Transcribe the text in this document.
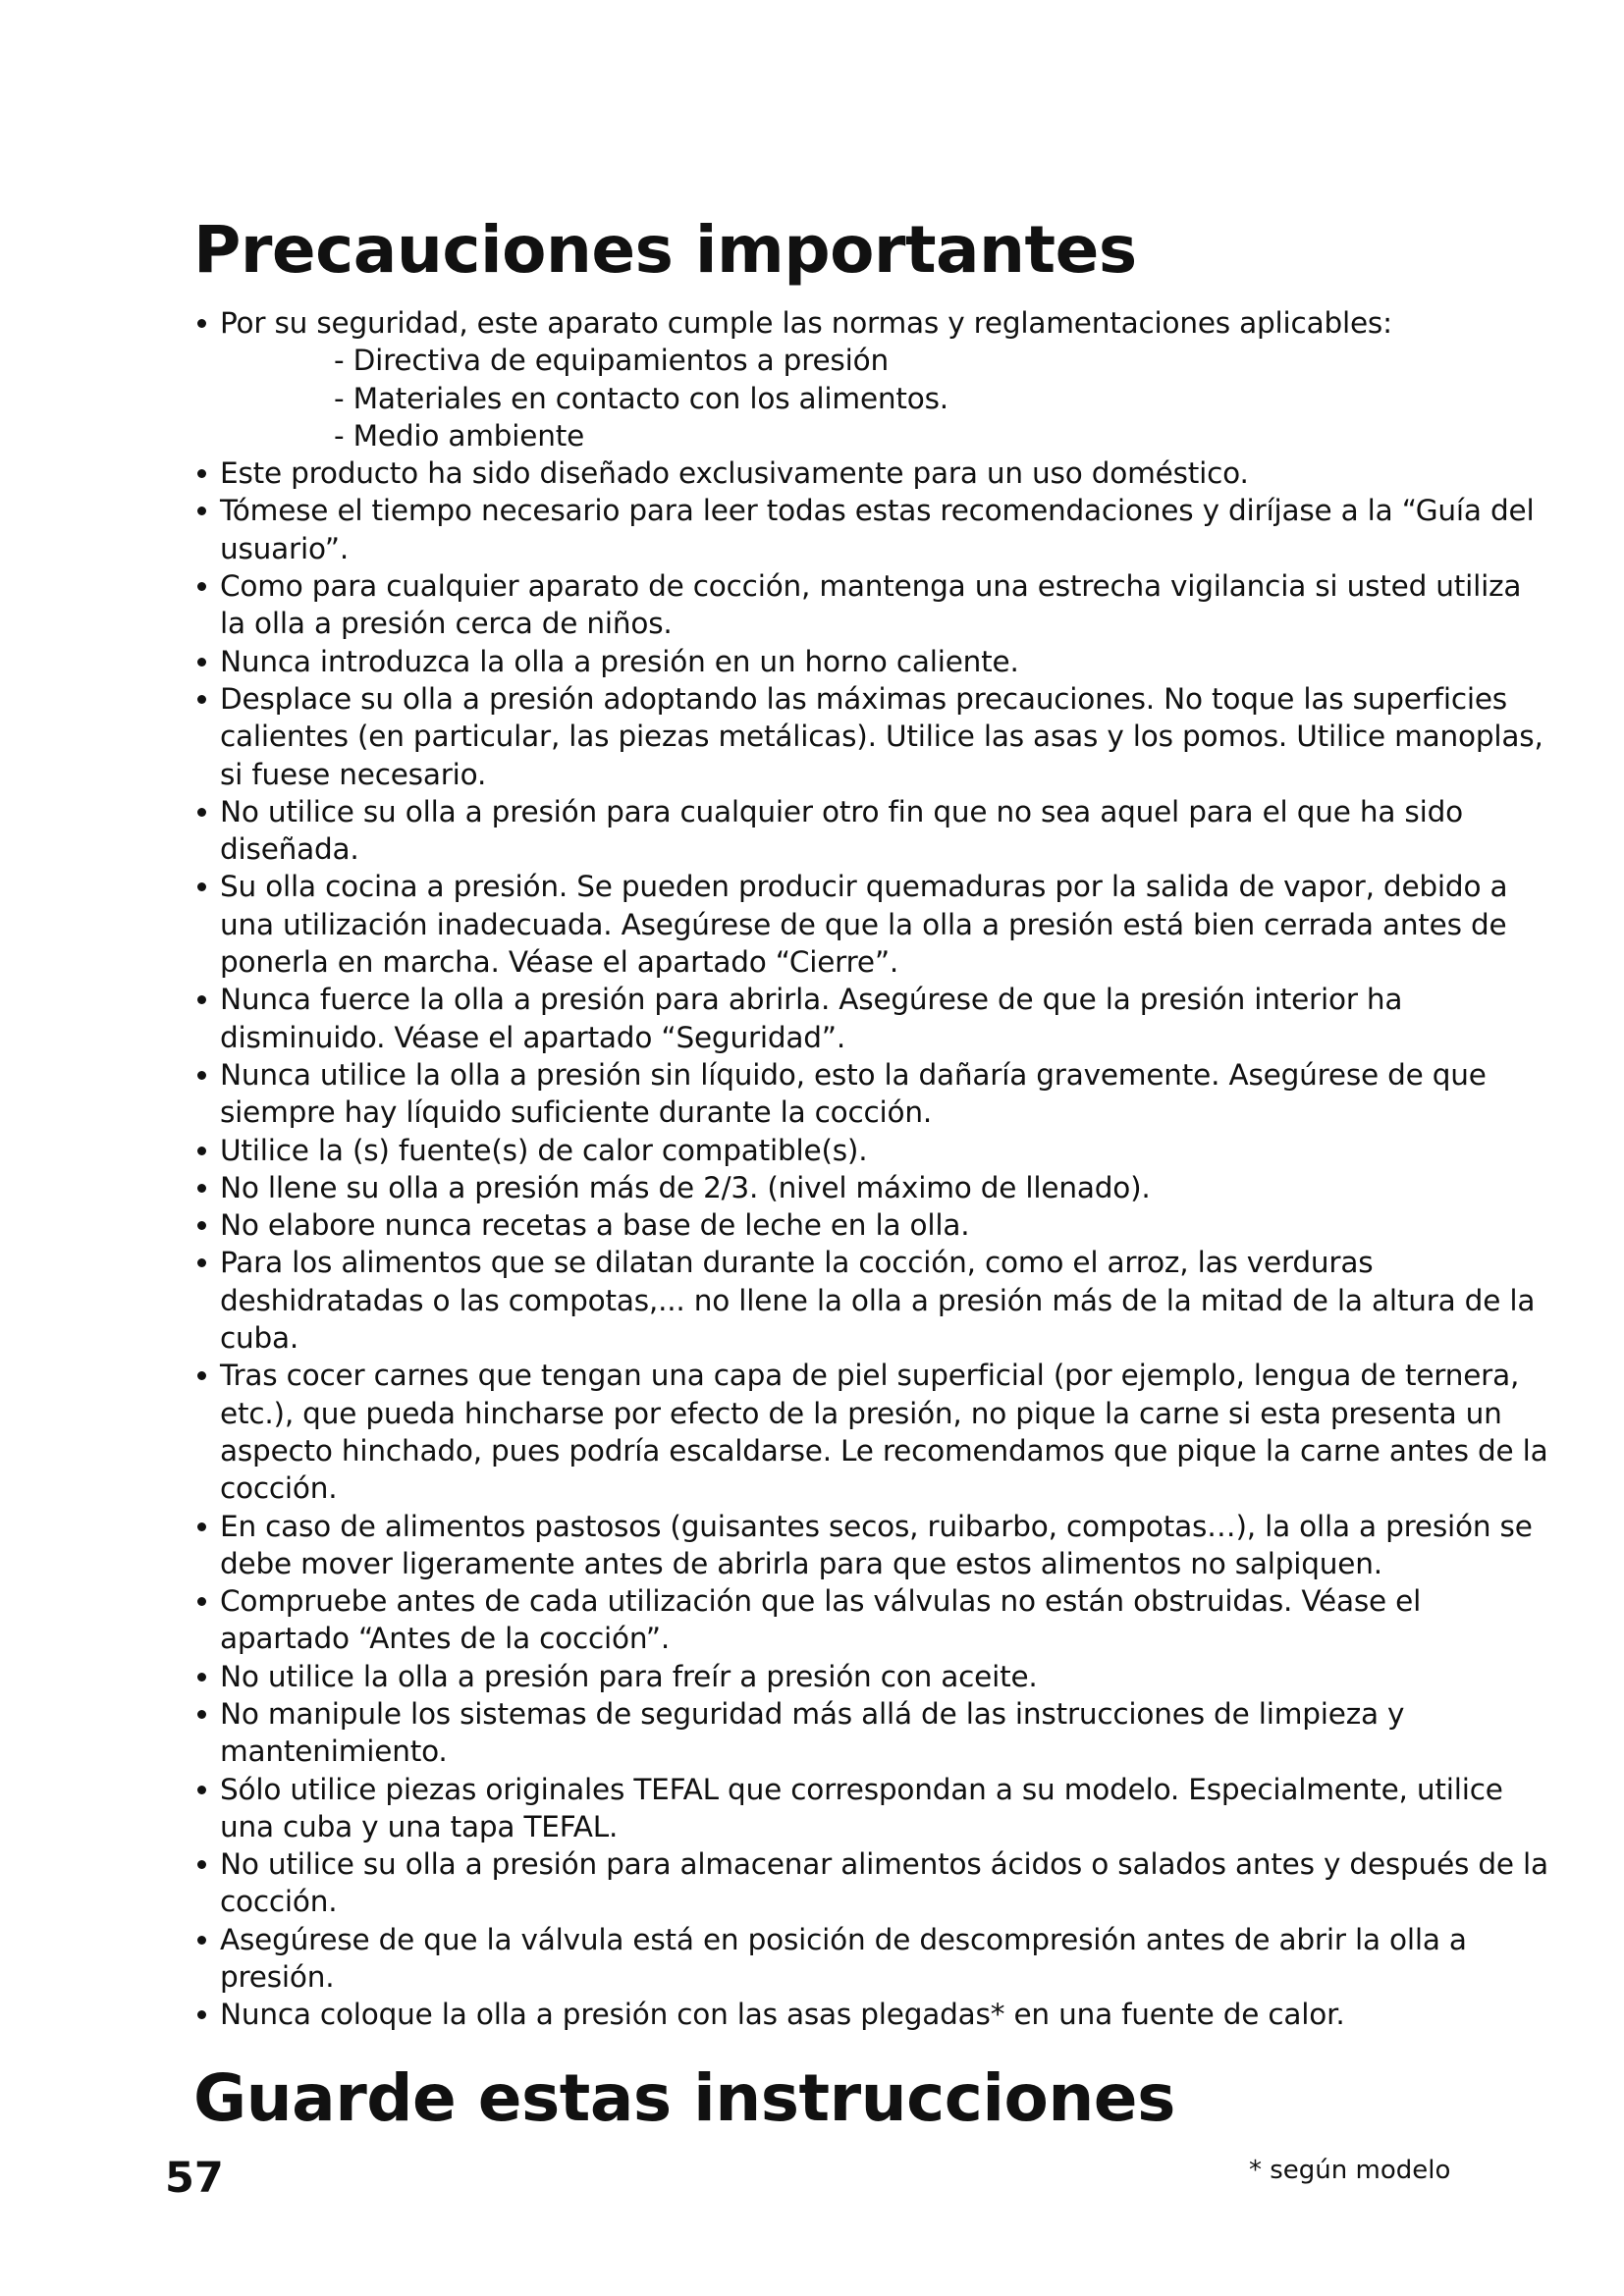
Precauciones importantes
Por su seguridad, este aparato cumple las normas y reglamentaciones aplicables:
- Directiva de equipamientos a presión
- Materiales en contacto con los alimentos.
- Medio ambiente
Este producto ha sido diseñado exclusivamente para un uso doméstico.
Tómese el tiempo necesario para leer todas estas recomendaciones y diríjase a la “Guía del usuario”.
Como para cualquier aparato de cocción, mantenga una estrecha vigilancia si usted utiliza la olla a presión cerca de niños.
Nunca introduzca la olla a presión en un horno caliente.
Desplace su olla a presión adoptando las máximas precauciones. No toque las superficies calientes (en particular, las piezas metálicas). Utilice las asas y los pomos. Utilice manoplas, si fuese necesario.
No utilice su olla a presión para cualquier otro fin que no sea aquel para el que ha sido diseñada.
Su olla cocina a presión. Se pueden producir quemaduras por la salida de vapor, debido a una utilización inadecuada. Asegúrese de que la olla a presión está bien cerrada antes de ponerla en marcha. Véase el apartado “Cierre”.
Nunca fuerce la olla a presión para abrirla. Asegúrese de que la presión interior ha disminuido. Véase el apartado “Seguridad”.
Nunca utilice la olla a presión sin líquido, esto la dañaría gravemente. Asegúrese de que siempre hay líquido suficiente durante la cocción.
Utilice la (s) fuente(s) de calor compatible(s).
No llene su olla a presión más de 2/3. (nivel máximo de llenado).
No elabore nunca recetas a base de leche en la olla.
Para los alimentos que se dilatan durante la cocción, como el arroz, las verduras deshidratadas o las compotas,... no llene la olla a presión más de la mitad de la altura de la cuba.
Tras cocer carnes que tengan una capa de piel superficial (por ejemplo, lengua de ternera, etc.), que pueda hincharse por efecto de la presión, no pique la carne si esta presenta un aspecto hinchado, pues podría escaldarse. Le recomendamos que pique la carne antes de la cocción.
En caso de alimentos pastosos (guisantes secos, ruibarbo, compotas…), la olla a presión se debe mover ligeramente antes de abrirla para que estos alimentos no salpiquen.
Compruebe antes de cada utilización que las válvulas no están obstruidas. Véase el apartado “Antes de la cocción”.
No utilice la olla a presión para freír a presión con aceite.
No manipule los sistemas de seguridad más allá de las instrucciones de limpieza y mantenimiento.
Sólo utilice piezas originales TEFAL que correspondan a su modelo. Especialmente, utilice una cuba y una tapa TEFAL.
No utilice su olla a presión para almacenar alimentos ácidos o salados antes y después de la cocción.
Asegúrese de que la válvula está en posición de descompresión antes de abrir la olla a presión.
Nunca coloque la olla a presión con las asas plegadas* en una fuente de calor.
Guarde estas instrucciones
57	* según modelo
